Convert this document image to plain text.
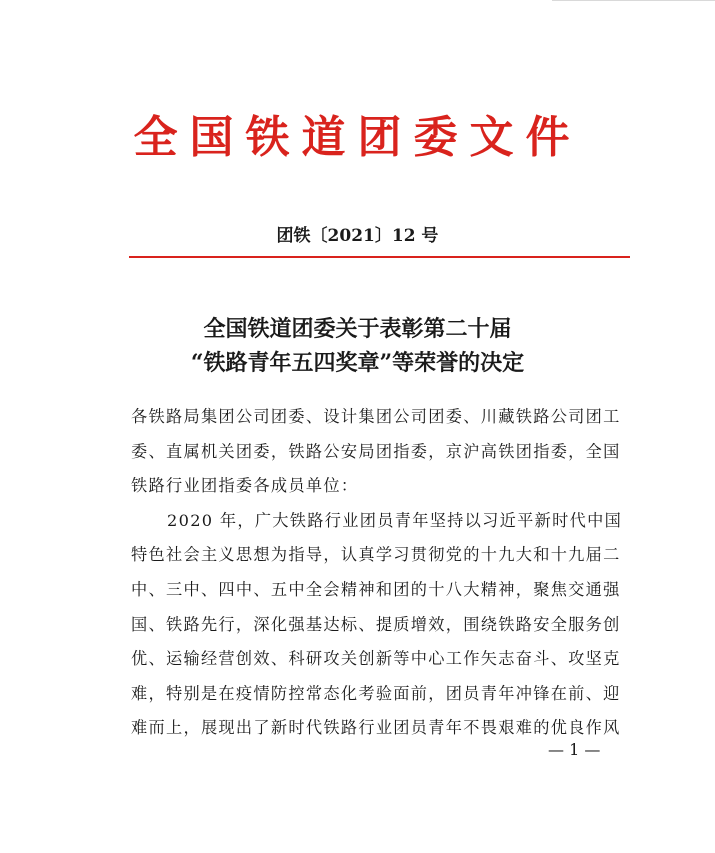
全国铁道团委文件
团铁〔2021〕12 号
全国铁道团委关于表彰第二十届
“铁路青年五四奖章”等荣誉的决定

各铁路局集团公司团委、设计集团公司团委、川藏铁路公司团工

委、直属机关团委，铁路公安局团指委，京沪高铁团指委，全国

铁路行业团指委各成员单位：

2020 年，广大铁路行业团员青年坚持以习近平新时代中国

特色社会主义思想为指导，认真学习贯彻党的十九大和十九届二

中、三中、四中、五中全会精神和团的十八大精神，聚焦交通强

国、铁路先行，深化强基达标、提质增效，围绕铁路安全服务创

优、运输经营创效、科研攻关创新等中心工作矢志奋斗、攻坚克

难，特别是在疫情防控常态化考验面前，团员青年冲锋在前、迎

难而上，展现出了新时代铁路行业团员青年不畏艰难的优良作风

— 1 —
